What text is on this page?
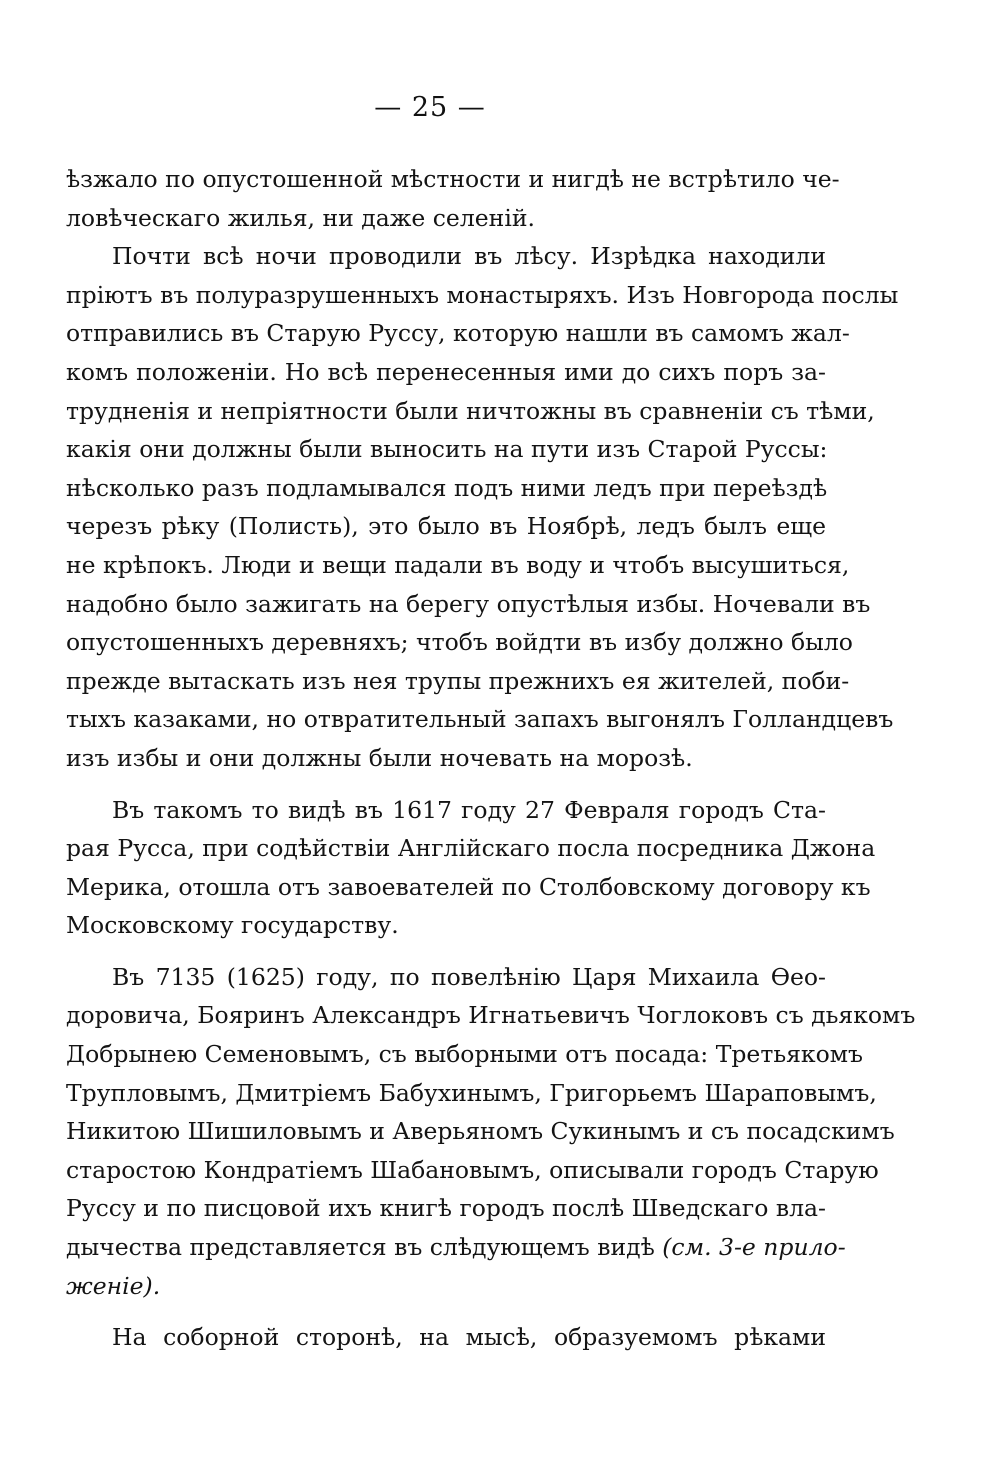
— 25 —
ѣзжало по опустошенной мѣстности и нигдѣ не встрѣтило че-
ловѣческаго жилья, ни даже селеній.
Почти всѣ ночи проводили въ лѣсу. Изрѣдка находили
пріютъ въ полуразрушенныхъ монастыряхъ. Изъ Новгорода послы
отправились въ Старую Руссу, которую нашли въ самомъ жал-
комъ положеніи. Но всѣ перенесенныя ими до сихъ поръ за-
трудненія и непріятности были ничтожны въ сравненіи съ тѣми,
какія они должны были выносить на пути изъ Старой Руссы:
нѣсколько разъ подламывался подъ ними ледъ при переѣздѣ
черезъ рѣку (Полисть), это было въ Ноябрѣ, ледъ былъ еще
не крѣпокъ. Люди и вещи падали въ воду и чтобъ высушиться,
надобно было зажигать на берегу опустѣлыя избы. Ночевали въ
опустошенныхъ деревняхъ; чтобъ войдти въ избу должно было
прежде вытаскать изъ нея трупы прежнихъ ея жителей, поби-
тыхъ казаками, но отвратительный запахъ выгонялъ Голландцевъ
изъ избы и они должны были ночевать на морозѣ.
Въ такомъ то видѣ въ 1617 году 27 Февраля городъ Ста-
рая Русса, при содѣйствіи Англійскаго посла посредника Джона
Мерика, отошла отъ завоевателей по Столбовскому договору къ
Московскому государству.
Въ 7135 (1625) году, по повелѣнію Царя Михаила Ѳео-
доровича, Бояринъ Александръ Игнатьевичъ Чоглоковъ съ дьякомъ
Добрынею Семеновымъ, съ выборными отъ посада: Третьякомъ
Трупловымъ, Дмитріемъ Бабухинымъ, Григорьемъ Шараповымъ,
Никитою Шишиловымъ и Аверьяномъ Сукинымъ и съ посадскимъ
старостою Кондратіемъ Шабановымъ, описывали городъ Старую
Руссу и по писцовой ихъ книгѣ городъ послѣ Шведскаго вла-
дычества представляется въ слѣдующемъ видѣ (см. 3-е прило-
женіе).
На соборной сторонѣ, на мысѣ, образуемомъ рѣками
